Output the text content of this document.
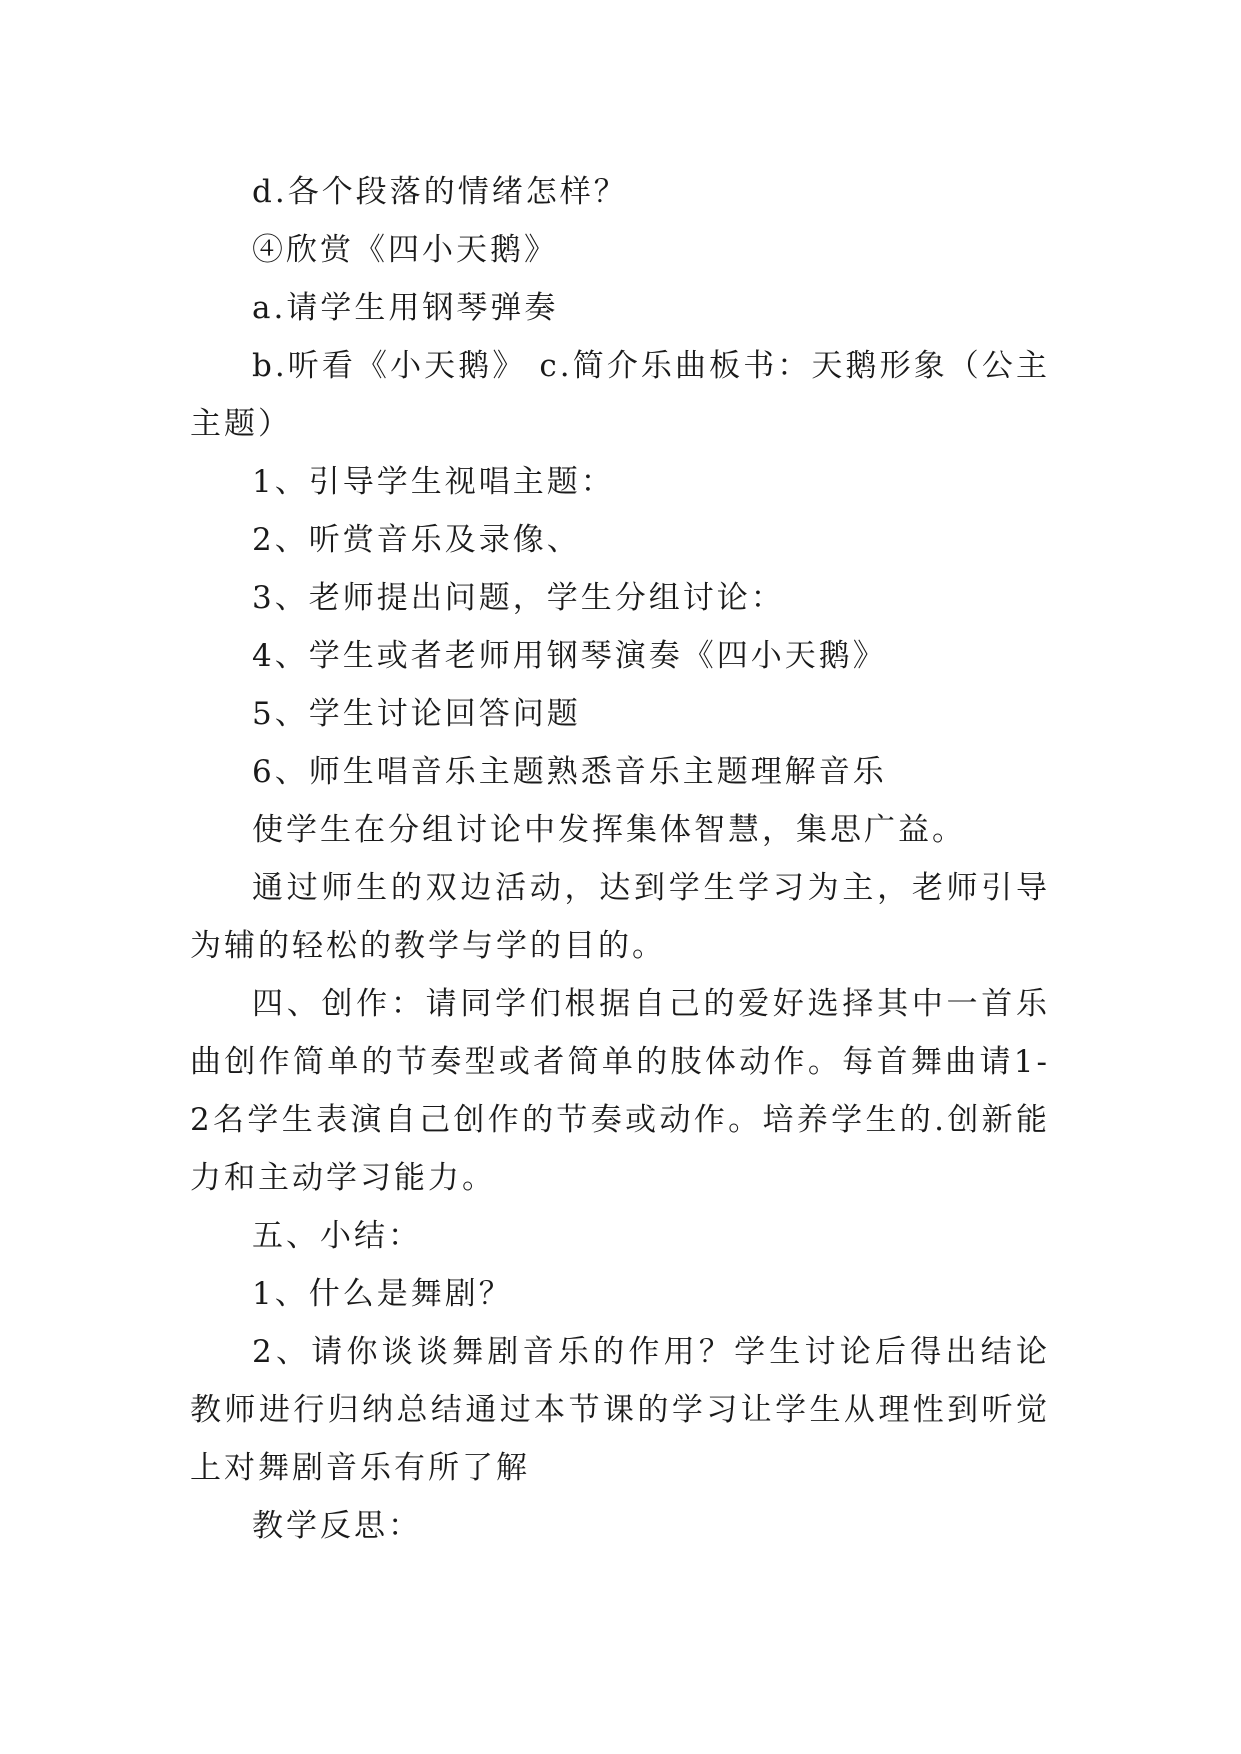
d.各个段落的情绪怎样？

④欣赏《四小天鹅》

a.请学生用钢琴弹奏

b.听看《小天鹅》 c.简介乐曲板书：天鹅形象（公主主题）

1、引导学生视唱主题：

2、听赏音乐及录像、

3、老师提出问题，学生分组讨论：

4、学生或者老师用钢琴演奏《四小天鹅》

5、学生讨论回答问题

6、师生唱音乐主题熟悉音乐主题理解音乐

使学生在分组讨论中发挥集体智慧，集思广益。

通过师生的双边活动，达到学生学习为主，老师引导为辅的轻松的教学与学的目的。

四、创作：请同学们根据自己的爱好选择其中一首乐曲创作简单的节奏型或者简单的肢体动作。每首舞曲请1-2名学生表演自己创作的节奏或动作。培养学生的.创新能力和主动学习能力。

五、小结：

1、什么是舞剧？

2、请你谈谈舞剧音乐的作用？学生讨论后得出结论教师进行归纳总结通过本节课的学习让学生从理性到听觉上对舞剧音乐有所了解

教学反思：
